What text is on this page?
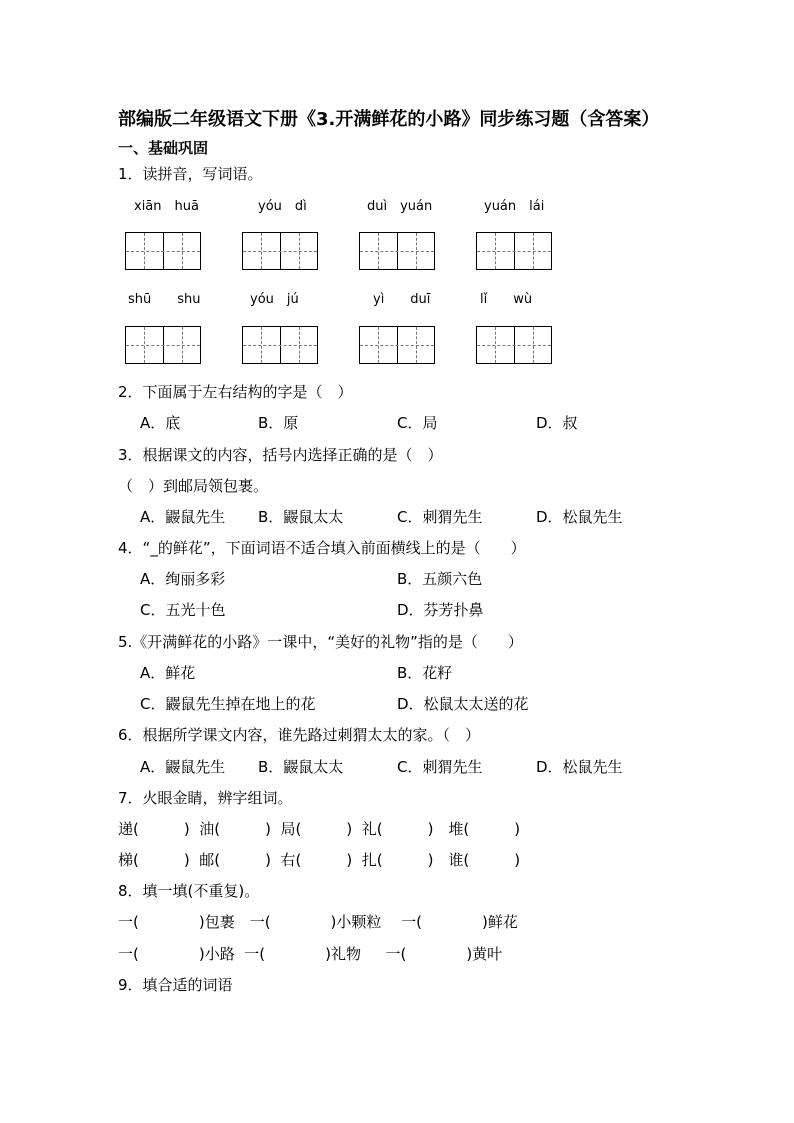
部编版二年级语文下册《3.开满鲜花的小路》同步练习题（含答案）
一、基础巩固
1．读拼音，写词语。
xiān　huā	yóu　dì	duì　yuán	yuán　lái
shū　　shu	yóu　jú	yì　　duī	lǐ　　wù
2．下面属于左右结构的字是（　）
A．底	B．原	C．局	D．叔
3．根据课文的内容，括号内选择正确的是（　）
（　）到邮局领包裹。
A．鼹鼠先生 B．鼹鼠太太	C．刺猬先生	D．松鼠先生
4．“_的鲜花”，下面词语不适合填入前面横线上的是（　　）
A．绚丽多彩	B．五颜六色
C．五光十色	D．芬芳扑鼻
5.《开满鲜花的小路》一课中，“美好的礼物”指的是（　　）
A．鲜花	B．花籽
C．鼹鼠先生掉在地上的花	D．松鼠太太送的花
6．根据所学课文内容，谁先路过刺猬太太的家。（　）
A．鼹鼠先生 B．鼹鼠太太	C．刺猬先生	D．松鼠先生
7．火眼金睛，辨字组词。
递(　　　)  油(　　　)  局(　　　)  礼(　　　)　堆(　　　)
梯(　　　)  邮(　　　)  右(　　　)  扎(　　　)　谁(　　　)
8．填一填(不重复)。
一(　　　　)包裹　一(　　　　)小颗粒　 一(　　　　)鲜花
一(　　　　)小路  一(　　　　)礼物 　 一(　　　　)黄叶
9．填合适的词语
